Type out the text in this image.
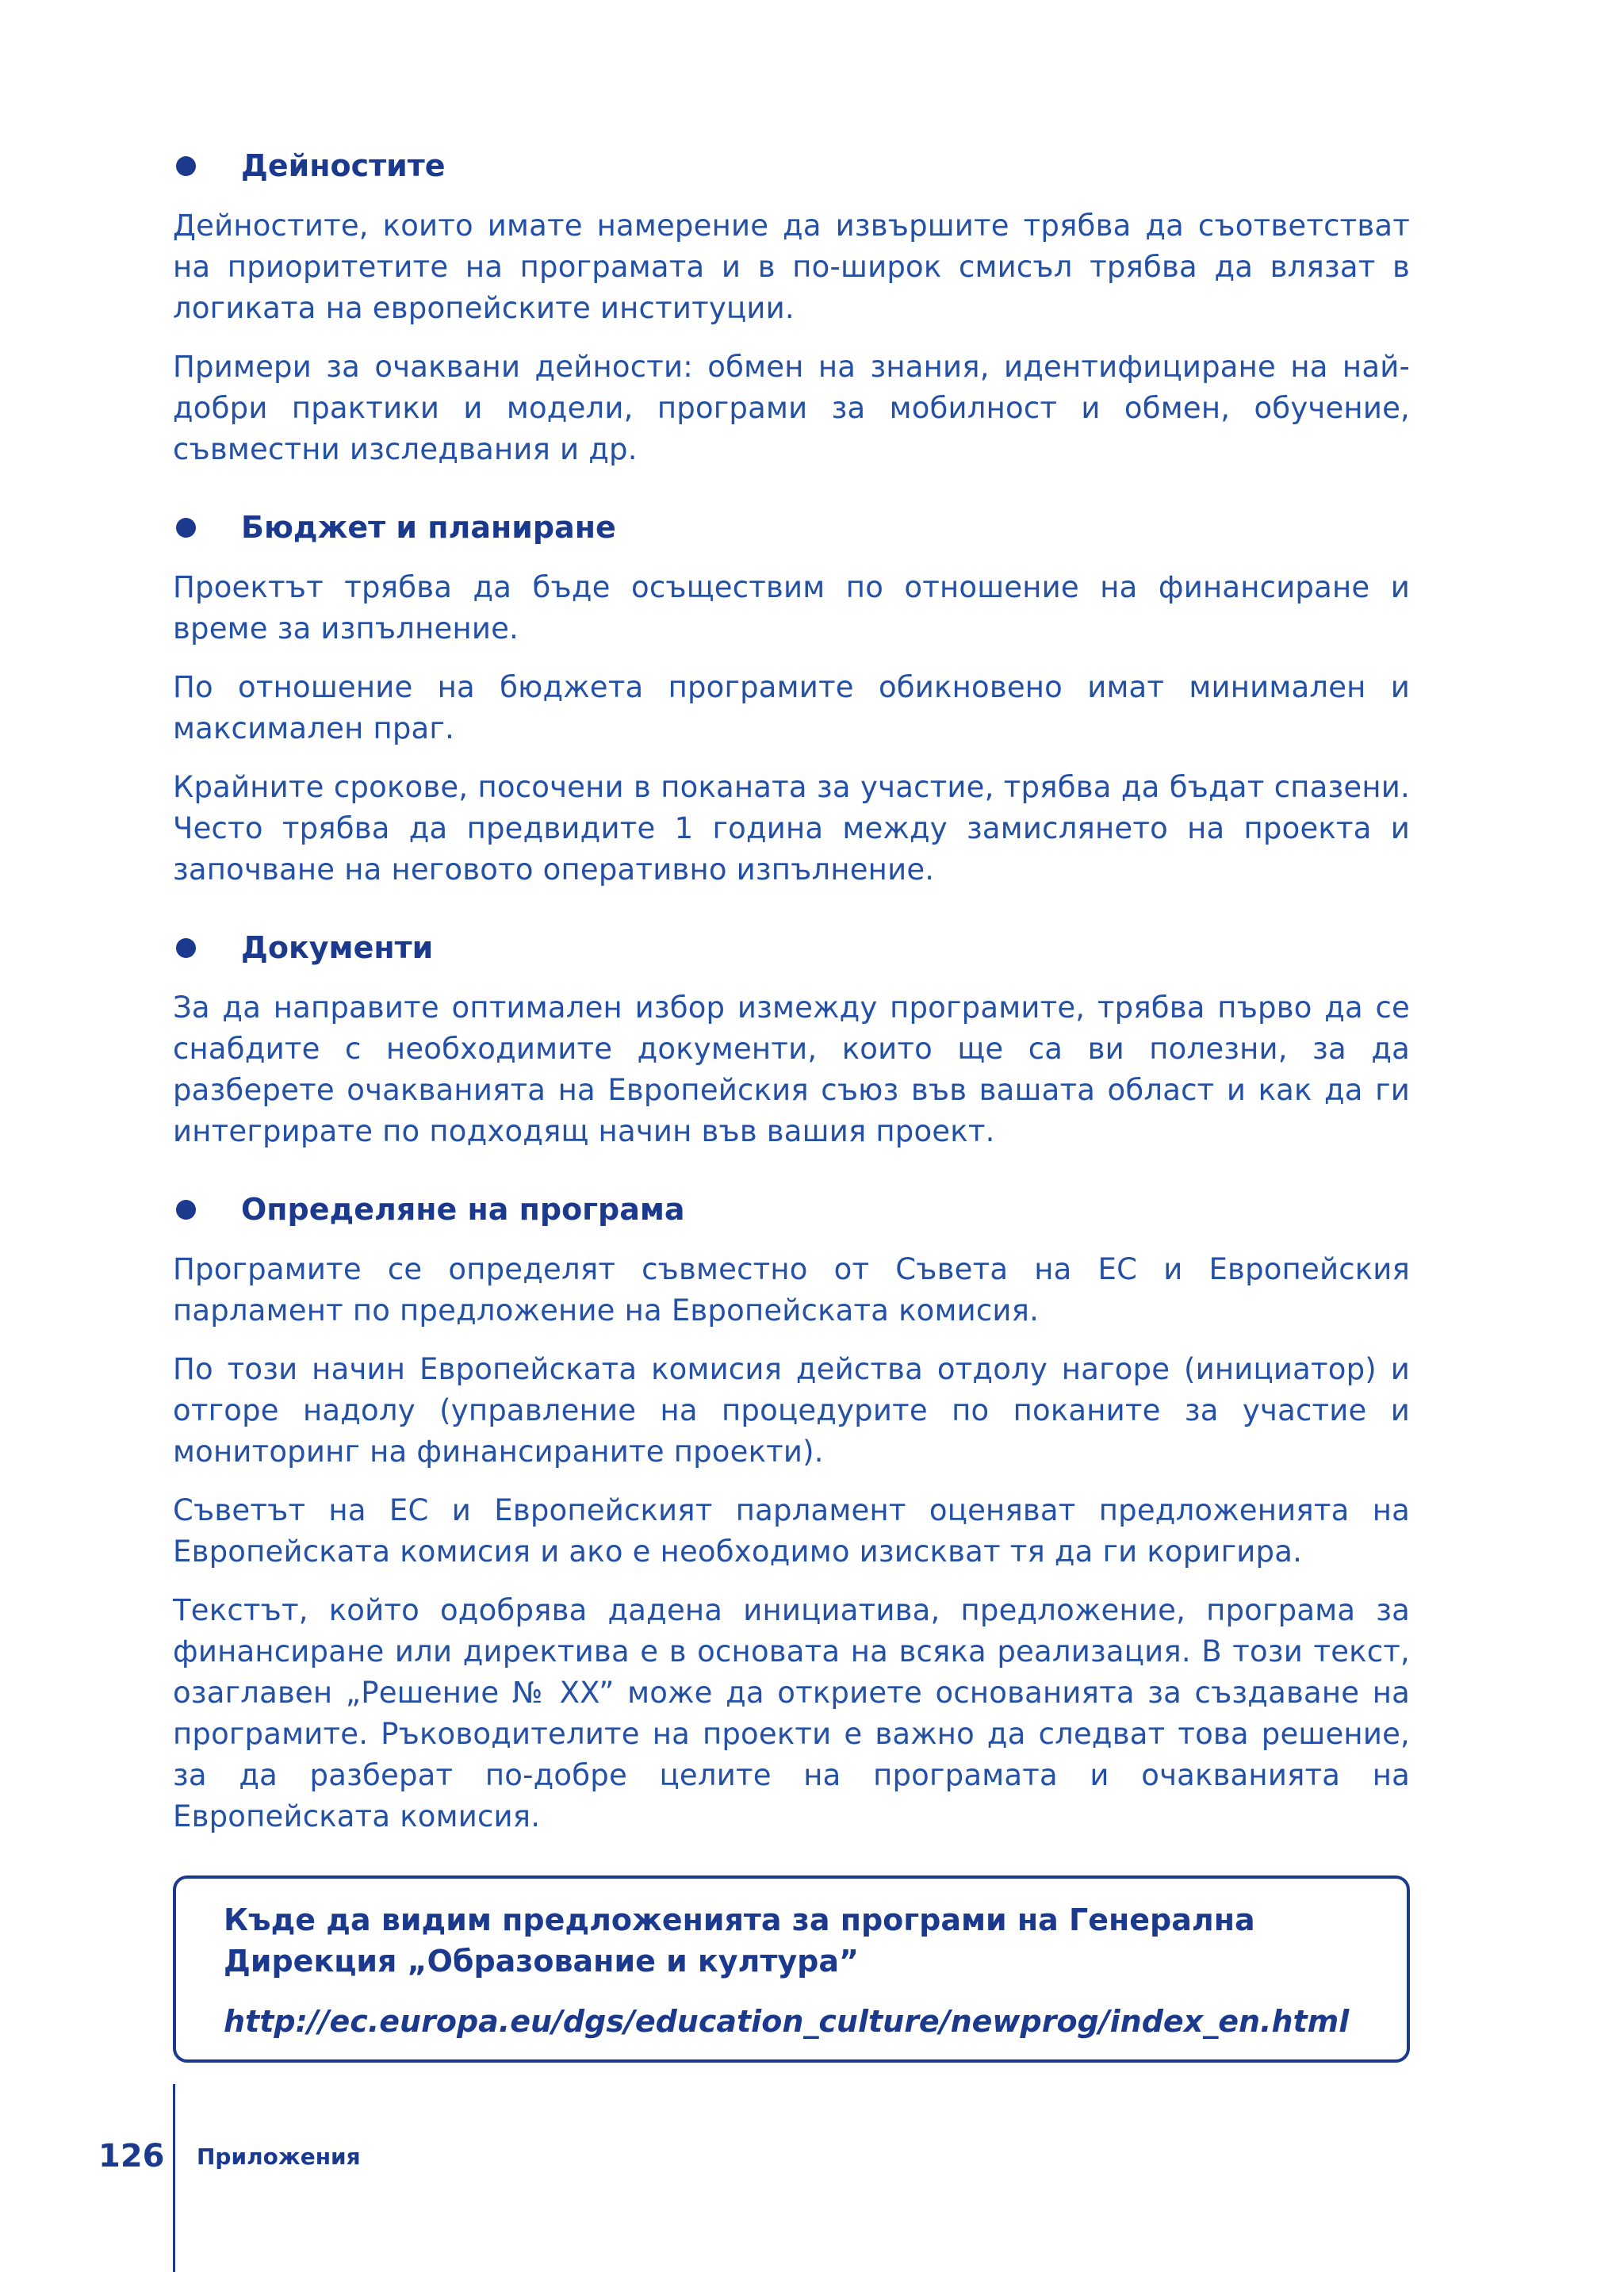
Дейностите

Дейностите, които имате намерение да извършите трябва да съответстват на приоритетите на програмата и в по-широк смисъл трябва да влязат в логиката на европейските институции.

Примери за очаквани дейности: обмен на знания, идентифициране на най-добри практики и модели, програми за мобилност и обмен, обучение, съвместни изследвания и др.

Бюджет и планиране

Проектът трябва да бъде осъществим по отношение на финансиране и време за изпълнение.

По отношение на бюджета програмите обикновено имат минимален и максимален праг.

Крайните срокове, посочени в поканата за участие, трябва да бъдат спазени. Често трябва да предвидите 1 година между замислянето на проекта и започване на неговото оперативно изпълнение.

Документи

За да направите оптимален избор измежду програмите, трябва първо да се снабдите с необходимите документи, които ще са ви полезни, за да разберете очакванията на Европейския съюз във вашата област и как да ги интегрирате по подходящ начин във вашия проект.

Определяне на програма

Програмите се определят съвместно от Съвета на ЕС и Европейския парламент по предложение на Европейската комисия.

По този начин Европейската комисия действа отдолу нагоре (инициатор) и отгоре надолу (управление на процедурите по поканите за участие и мониторинг на финансираните проекти).

Съветът на ЕС и Европейският парламент оценяват предложенията на Европейската комисия и ако е необходимо изискват тя да ги коригира.

Текстът, който одобрява дадена инициатива, предложение, програма за финансиране или директива е в основата на всяка реализация. В този текст, озаглавен „Решение № XX” може да откриете основанията за създаване на програмите. Ръководителите на проекти е важно да следват това решение, за да разберат по-добре целите на програмата и очакванията на Европейската комисия.

Къде да видим предложенията за програми на Генерална Дирекция „Образование и култура”

http://ec.europa.eu/dgs/education_culture/newprog/index_en.html

126 Приложения
